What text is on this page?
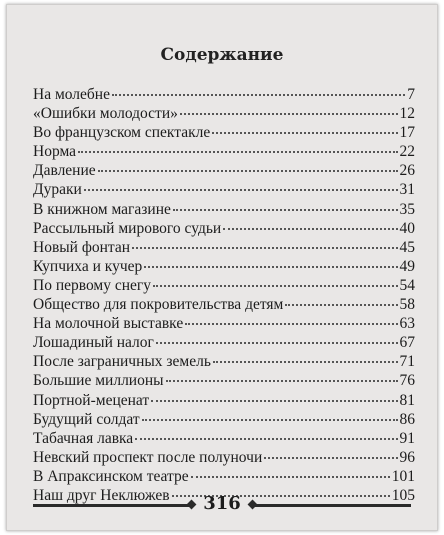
Содержание
На молебне	7
«Ошибки молодости»	12
Во французском спектакле	17
Норма	22
Давление	26
Дураки	31
В книжном магазине	35
Рассыльный мирового судьи	40
Новый фонтан	45
Купчиха и кучер	49
По первому снегу	54
Общество для покровительства детям	58
На молочной выставке	63
Лошадиный налог	67
После заграничных земель	71
Большие миллионы	76
Портной-меценат	81
Будущий солдат	86
Табачная лавка	91
Невский проспект после полуночи	96
В Апраксинском театре	101
Наш друг Неклюжев	105
316
